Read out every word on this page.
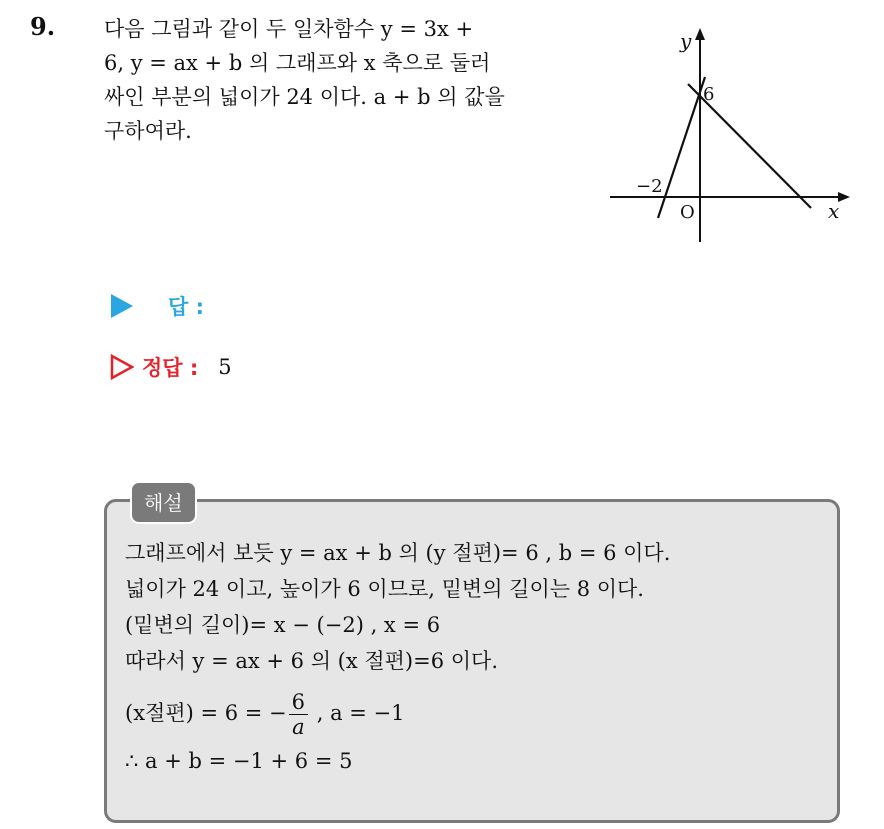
9. 다음 그림과 같이 두 일차함수 y = 3x +
6, y = ax + b 의 그래프와 x 축으로 둘러
싸인 부분의 넓이가 24 이다. a + b 의 값을
구하여라.
y
x
O
6
−2
답 :
정답 : 5
해설
그래프에서 보듯 y = ax + b 의 (y 절편)= 6 , b = 6 이다.
넓이가 24 이고, 높이가 6 이므로, 밑변의 길이는 8 이다.
(밑변의 길이)= x − (−2) , x = 6
따라서 y = ax + 6 의 (x 절편)=6 이다.
(x절편) = 6 = − $\frac{6}{a}$ , a = −1
∴ a + b = −1 + 6 = 5
